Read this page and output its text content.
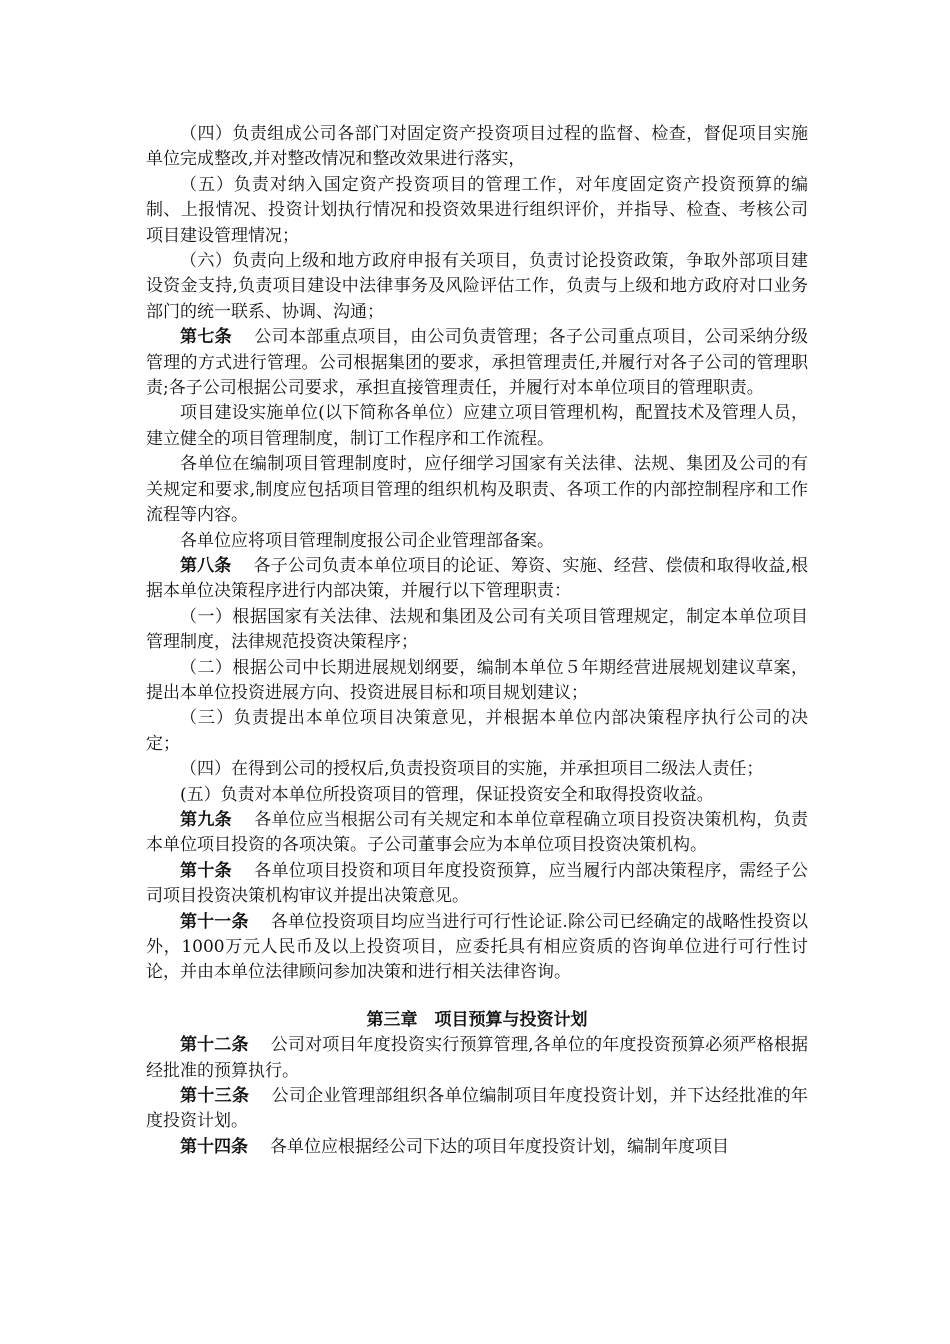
（四）负责组成公司各部门对固定资产投资项目过程的监督、检查，督促项目实施单位完成整改,并对整改情况和整改效果进行落实，

（五）负责对纳入国定资产投资项目的管理工作，对年度固定资产投资预算的编制、上报情况、投资计划执行情况和投资效果进行组织评价，并指导、检查、考核公司项目建设管理情况；

（六）负责向上级和地方政府申报有关项目，负责讨论投资政策，争取外部项目建设资金支持,负责项目建设中法律事务及风险评估工作，负责与上级和地方政府对口业务部门的统一联系、协调、沟通；

第七条 公司本部重点项目，由公司负责管理；各子公司重点项目，公司采纳分级管理的方式进行管理。公司根据集团的要求，承担管理责任,并履行对各子公司的管理职责;各子公司根据公司要求，承担直接管理责任，并履行对本单位项目的管理职责。

项目建设实施单位(以下简称各单位）应建立项目管理机构，配置技术及管理人员，建立健全的项目管理制度，制订工作程序和工作流程。

各单位在编制项目管理制度时，应仔细学习国家有关法律、法规、集团及公司的有关规定和要求,制度应包括项目管理的组织机构及职责、各项工作的内部控制程序和工作流程等内容。

各单位应将项目管理制度报公司企业管理部备案。

第八条 各子公司负责本单位项目的论证、筹资、实施、经营、偿债和取得收益,根据本单位决策程序进行内部决策，并履行以下管理职责：

（一）根据国家有关法律、法规和集团及公司有关项目管理规定，制定本单位项目管理制度，法律规范投资决策程序；

（二）根据公司中长期进展规划纲要，编制本单位５年期经营进展规划建议草案，提出本单位投资进展方向、投资进展目标和项目规划建议；

（三）负责提出本单位项目决策意见，并根据本单位内部决策程序执行公司的决定；

（四）在得到公司的授权后,负责投资项目的实施，并承担项目二级法人责任；

(五）负责对本单位所投资项目的管理，保证投资安全和取得投资收益。

第九条 各单位应当根据公司有关规定和本单位章程确立项目投资决策机构，负责本单位项目投资的各项决策。子公司董事会应为本单位项目投资决策机构。

第十条 各单位项目投资和项目年度投资预算，应当履行内部决策程序，需经子公司项目投资决策机构审议并提出决策意见。

第十一条 各单位投资项目均应当进行可行性论证.除公司已经确定的战略性投资以外，1000万元人民币及以上投资项目，应委托具有相应资质的咨询单位进行可行性讨论，并由本单位法律顾问参加决策和进行相关法律咨询。

第三章　项目预算与投资计划

第十二条 公司对项目年度投资实行预算管理,各单位的年度投资预算必须严格根据经批准的预算执行。

第十三条 公司企业管理部组织各单位编制项目年度投资计划，并下达经批准的年度投资计划。

第十四条 各单位应根据经公司下达的项目年度投资计划，编制年度项目
